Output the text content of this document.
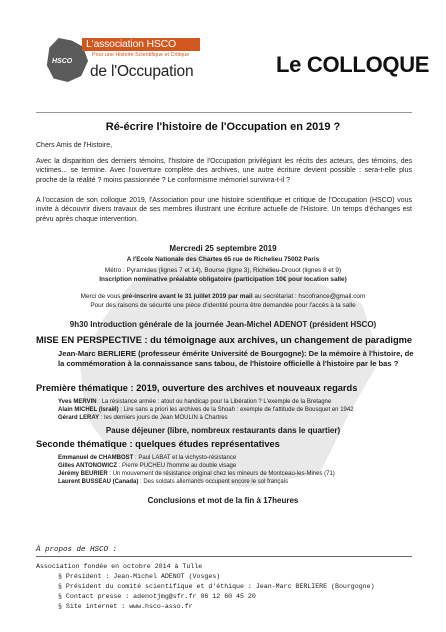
HSCO
L'association HSCO
Pour une Histoire Scientifique et Critique
de l'Occupation	Le COLLOQUE
Ré-écrire l'histoire de l'Occupation en 2019 ?
Chers Amis de l'Histoire,
Avec la disparition des derniers témoins, l'histoire de l'Occupation privilégiant les récits des acteurs, des témoins, des victimes... se termine. Avec l'ouverture complète des archives, une autre écriture devient possible : sera-t-elle plus proche de la réalité ? moins passionnée ? Le conformisme mémoriel survivra-t-il ?
A l'occasion de son colloque 2019, l'Association pour une histoire scientifique et critique de l'Occupation (HSCO) vous invite à découvrir divers travaux de ses membres illustrant une écriture actuelle de l'Histoire. Un temps d'échanges est prévu après chaque intervention.
Mercredi 25 septembre 2019
A l'Ecole Nationale des Chartes 65 rue de Richelieu 75002 Paris
Métro : Pyramides (lignes 7 et 14), Bourse (ligne 3), Richelieu-Drouot (lignes 8 et 9)
Inscription nominative préalable obligatoire (participation 10€ pour location salle)
Merci de vous pré-inscrire avant le 31 juillet 2019 par mail au secrétariat : hscofrance@gmail.com
Pour des raisons de sécurité une pièce d'identité pourra être demandée pour l'accès à la salle
9h30 Introduction générale de la journée Jean-Michel ADENOT (président HSCO)
MISE EN PERSPECTIVE : du témoignage aux archives, un changement de paradigme
Jean-Marc BERLIERE (professeur émérite Université de Bourgogne): De la mémoire à l'histoire, de la commémoration à la connaissance sans tabou, de l'histoire officielle à l'histoire par le bas ?
Première thématique : 2019, ouverture des archives et nouveaux regards
Yves MERVIN : La résistance armée : atout ou handicap pour la Libération ? L'exemple de la Bretagne
Alain MICHEL (Israël) : Lire sans a priori les archives de la Shoah : exemple de l'attitude de Bousquet en 1942
Gérard LERAY : les derniers jours de Jean MOULIN à Chartres
Pause déjeuner (libre, nombreux restaurants dans le quartier)
Seconde thématique : quelques études représentatives
Emmanuel de CHAMBOST : Paul LABAT et la vichysto-résistance
Gilles ANTONOWICZ : Pierre PUCHEU l'homme au double visage
Jérémy BEURIER : Un mouvement de résistance original chez les mineurs de Montceau-les-Mines (71)
Laurent BUSSEAU (Canada) : Des soldats allemands occupent encore le sol français
Conclusions et mot de la fin à 17heures
À propos de HSCO :
Association fondée en octobre 2014 à Tulle
§ Président : Jean-Michel ADENOT (Vosges)
§ Président du comité scientifique et d'éthique : Jean-Marc BERLIERE (Bourgogne)
§ Contact presse : adenotjmg@sfr.fr 06 12 60 45 20
§ Site internet : www.hsco-asso.fr
